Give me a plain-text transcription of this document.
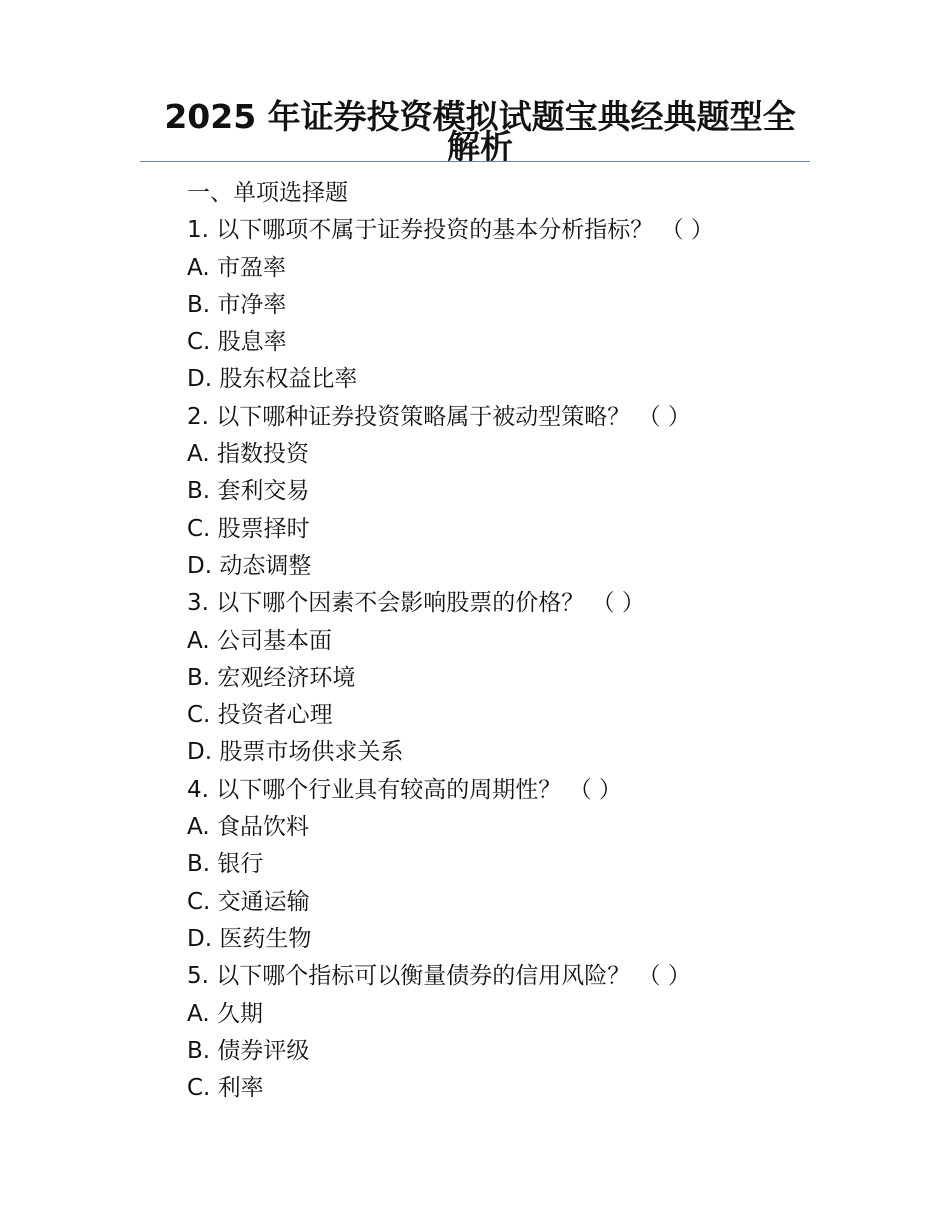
2025 年证券投资模拟试题宝典经典题型全解析
一、单项选择题
1. 以下哪项不属于证券投资的基本分析指标？ （ ）
A. 市盈率
B. 市净率
C. 股息率
D. 股东权益比率
2. 以下哪种证券投资策略属于被动型策略？ （ ）
A. 指数投资
B. 套利交易
C. 股票择时
D. 动态调整
3. 以下哪个因素不会影响股票的价格？ （ ）
A. 公司基本面
B. 宏观经济环境
C. 投资者心理
D. 股票市场供求关系
4. 以下哪个行业具有较高的周期性？ （ ）
A. 食品饮料
B. 银行
C. 交通运输
D. 医药生物
5. 以下哪个指标可以衡量债券的信用风险？ （ ）
A. 久期
B. 债券评级
C. 利率
